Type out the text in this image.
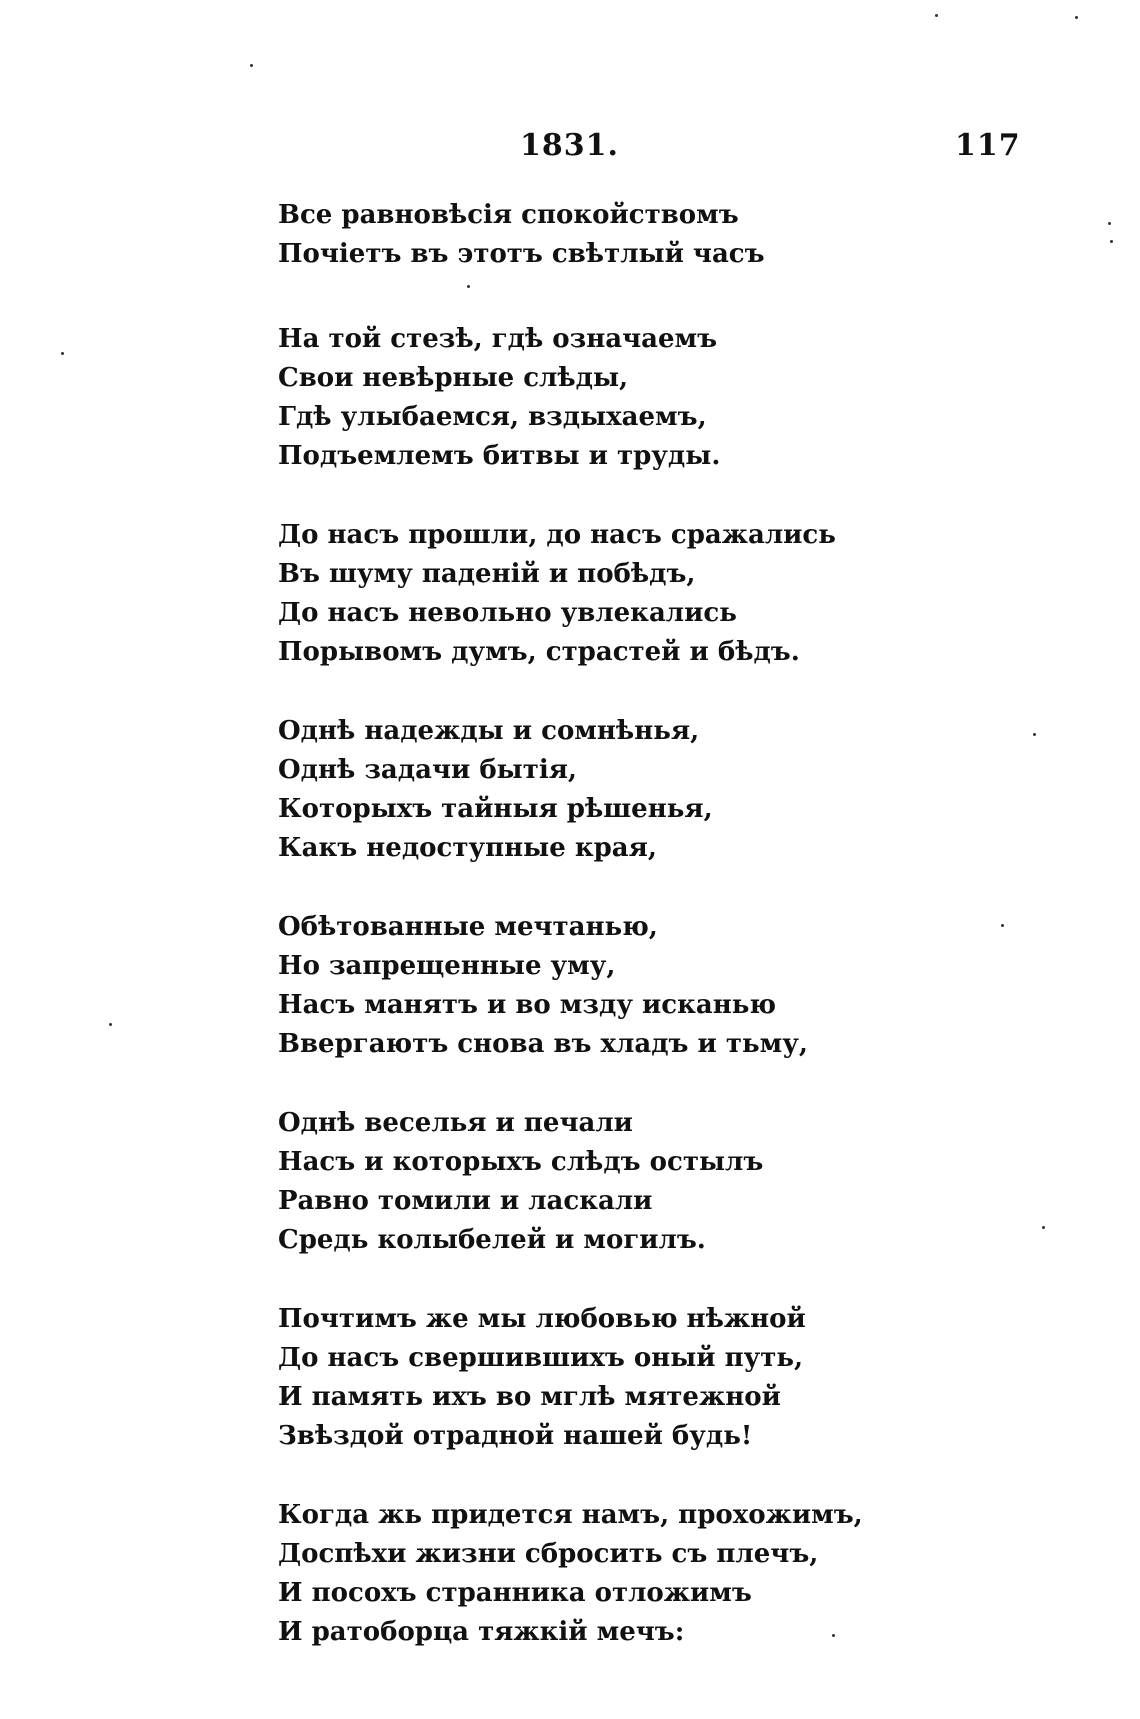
1831.	117
Все равновѣсія спокойствомъ
Почіетъ въ этотъ свѣтлый часъ
На той стезѣ, гдѣ означаемъ
Свои невѣрные слѣды,
Гдѣ улыбаемся, вздыхаемъ,
Подъемлемъ битвы и труды.
До насъ прошли, до насъ сражались
Въ шуму паденій и побѣдъ,
До насъ невольно увлекались
Порывомъ думъ, страстей и бѣдъ.
Однѣ надежды и сомнѣнья,
Однѣ задачи бытія,
Которыхъ тайныя рѣшенья,
Какъ недоступные края,
Обѣтованные мечтанью,
Но запрещенные уму,
Насъ манятъ и во мзду исканью
Ввергаютъ снова въ хладъ и тьму,
Однѣ веселья и печали
Насъ и которыхъ слѣдъ остылъ
Равно томили и ласкали
Средь колыбелей и могилъ.
Почтимъ же мы любовью нѣжной
До насъ свершившихъ оный путь,
И память ихъ во мглѣ мятежной
Звѣздой отрадной нашей будь!
Когда жь придется намъ, прохожимъ,
Доспѣхи жизни сбросить съ плечъ,
И посохъ странника отложимъ
И ратоборца тяжкій мечъ:
